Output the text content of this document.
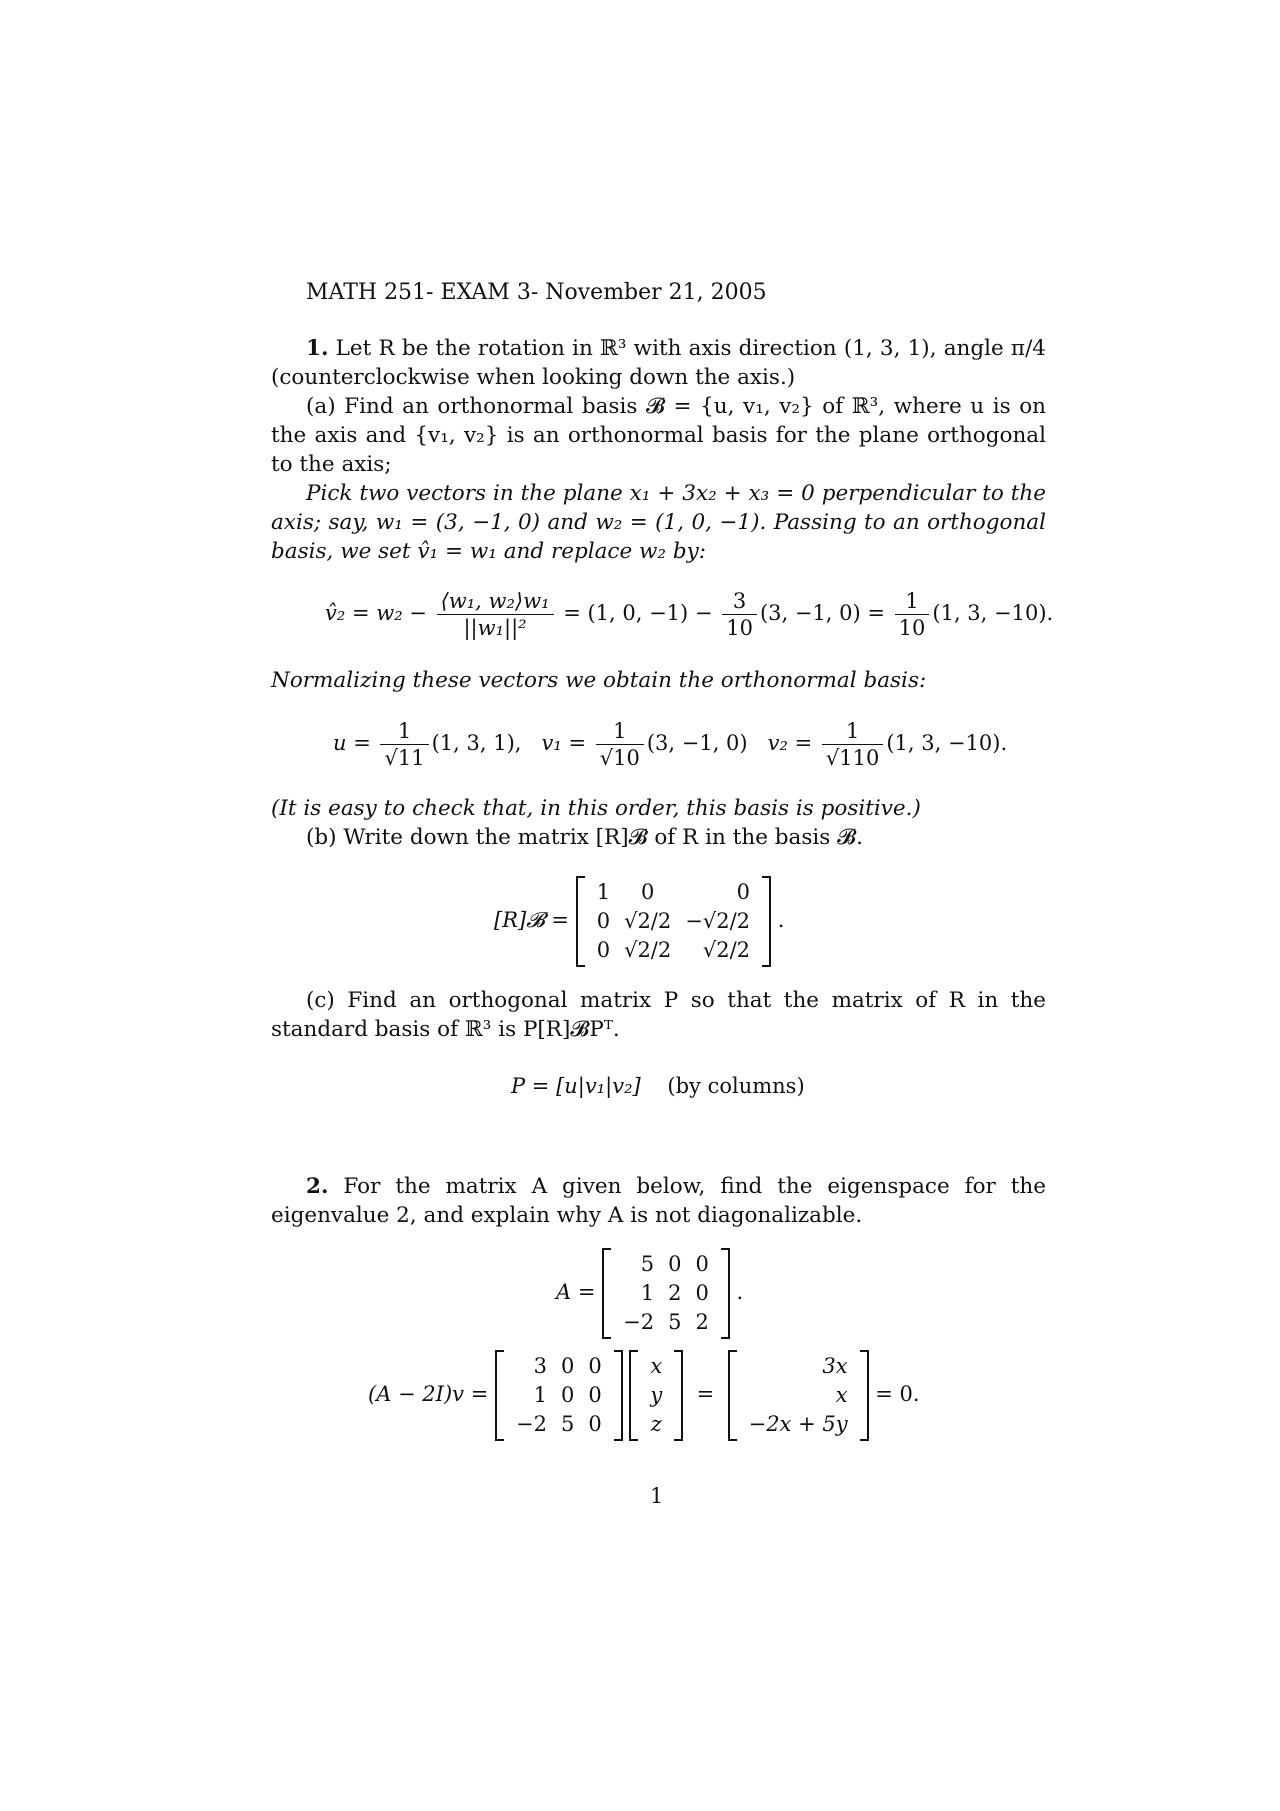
MATH 251- EXAM 3- November 21, 2005
1. Let R be the rotation in ℝ³ with axis direction (1, 3, 1), angle π/4 (counterclockwise when looking down the axis.)
(a) Find an orthonormal basis 𝓑 = {u, v₁, v₂} of ℝ³, where u is on the axis and {v₁, v₂} is an orthonormal basis for the plane orthogonal to the axis;
Pick two vectors in the plane x₁ + 3x₂ + x₃ = 0 perpendicular to the axis; say, w₁ = (3, −1, 0) and w₂ = (1, 0, −1). Passing to an orthogonal basis, we set v̂₁ = w₁ and replace w₂ by:
v̂₂ = $w_2 - \frac{\text{⟨w₁, w₂⟩w₁}}{\text{||w₁||²}} = (1$, 0, $-1) - \frac{3}{10} (3$, −1, $0) = \frac{1}{10} (1$, 3, −10).
Normalizing these vectors we obtain the orthonormal basis:
$u = \frac{1}{√11} (1$, 3, 1), $v_1 = \frac{1}{√10} (3$, −1, 0) $v_2 = \frac{1}{√110} (1$, 3, −10).
(It is easy to check that, in this order, this basis is positive.)
(b) Write down the matrix [R]𝓑 of R in the basis 𝓑.
[R]𝓑 =
1	0	0
0	√2/2	−√2/2
0	√2/2	√2/2
.
(c) Find an orthogonal matrix P so that the matrix of R in the standard basis of ℝ³ is P[R]𝓑Pᵀ.
P = [u|v₁|v₂] (by columns)
2. For the matrix A given below, find the eigenspace for the eigenvalue 2, and explain why A is not diagonalizable.
A =
5	0	0
1	2	0
−2	5	2
.
(A − 2I)v =
3	0	0
1	0	0
−2	5	0

x
y
z
=
3x
x
−2x + 5y
= 0.
1
